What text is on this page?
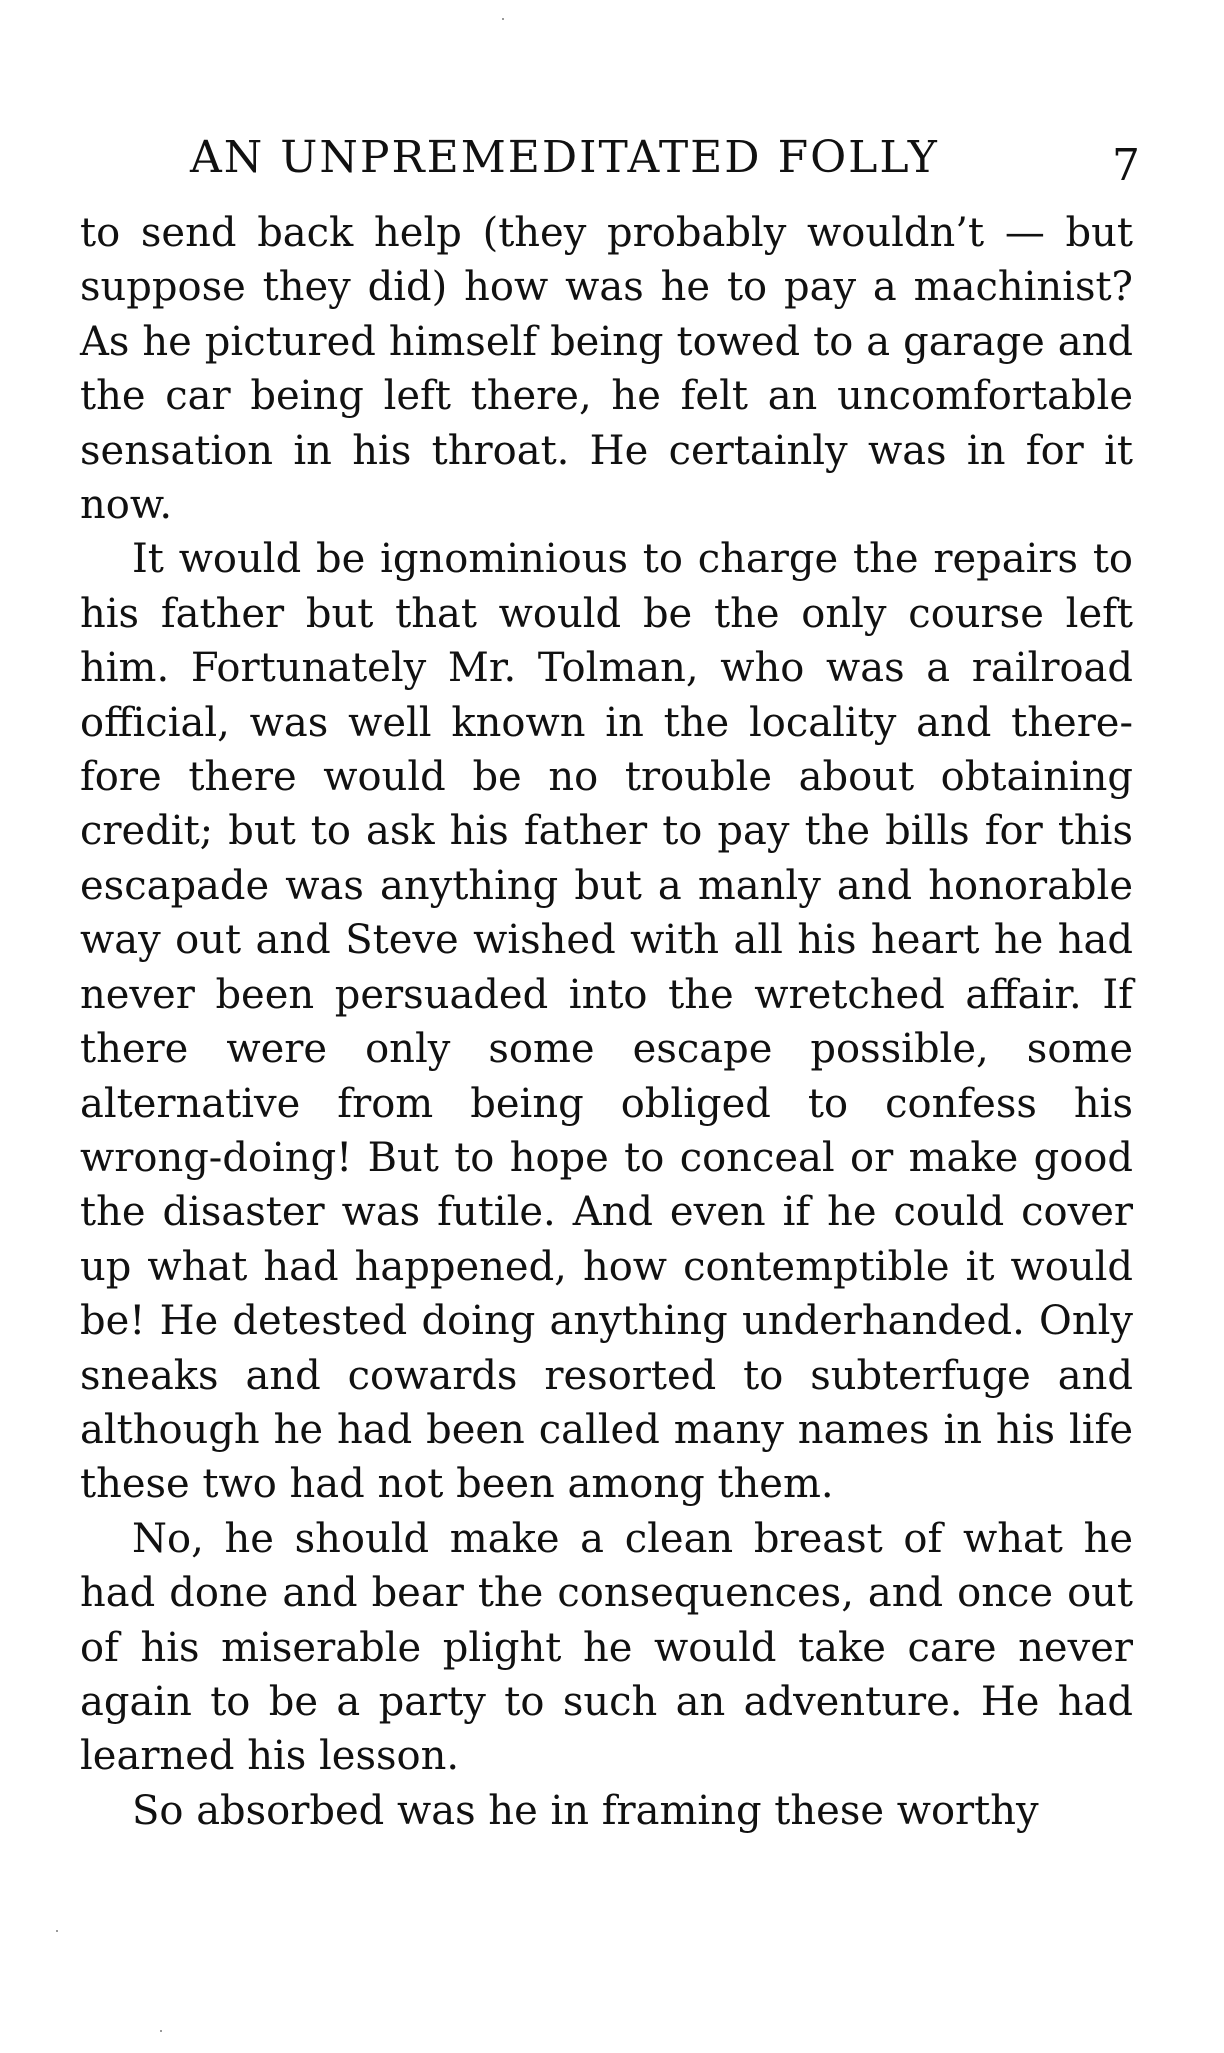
AN UNPREMEDITATED FOLLY	7

to send back help (they probably wouldn’t — but suppose they did) how was he to pay a machinist? As he pictured himself being towed to a garage and the car being left there, he felt an uncomfortable sensation in his throat. He certainly was in for it now.

It would be ignominious to charge the repairs to his father but that would be the only course left him. Fortunately Mr. Tolman, who was a railroad official, was well known in the locality and therefore there would be no trouble about obtaining credit; but to ask his father to pay the bills for this escapade was anything but a manly and honorable way out and Steve wished with all his heart he had never been persuaded into the wretched affair. If there were only some escape possible, some alternative from being obliged to confess his wrong-doing! But to hope to conceal or make good the disaster was futile. And even if he could cover up what had happened, how contemptible it would be! He detested doing anything underhanded. Only sneaks and cowards resorted to subterfuge and although he had been called many names in his life these two had not been among them.

No, he should make a clean breast of what he had done and bear the consequences, and once out of his miserable plight he would take care never again to be a party to such an adventure. He had learned his lesson.

So absorbed was he in framing these worthy
